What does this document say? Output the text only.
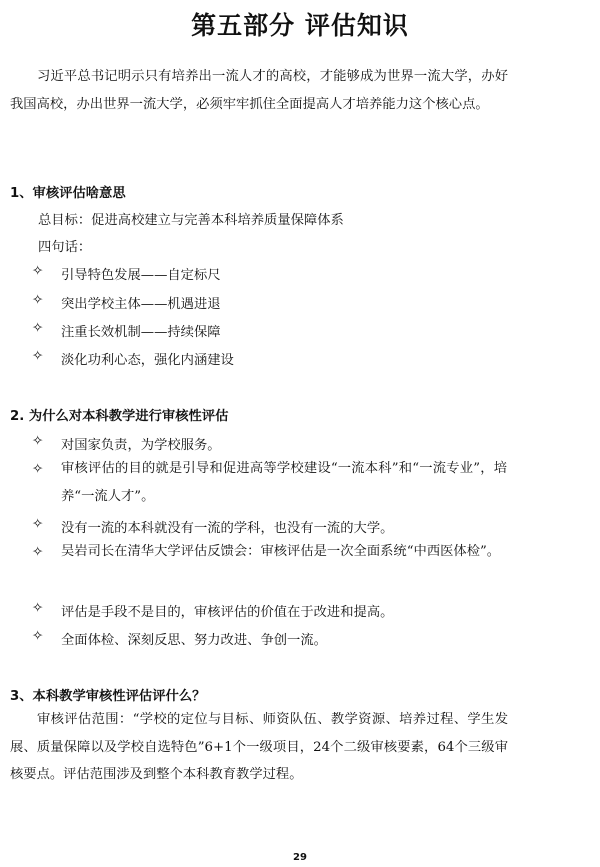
第五部分 评估知识
习近平总书记明示只有培养出一流人才的高校，才能够成为世界一流大学，办好我国高校，办出世界一流大学，必须牢牢抓住全面提高人才培养能力这个核心点。
1、审核评估啥意思
总目标：促进高校建立与完善本科培养质量保障体系
四句话：
✧ 引导特色发展——自定标尺
✧ 突出学校主体——机遇进退
✧ 注重长效机制——持续保障
✧ 淡化功利心态，强化内涵建设
2. 为什么对本科教学进行审核性评估
✧ 对国家负责，为学校服务。
✧ 审核评估的目的就是引导和促进高等学校建设“一流本科”和“一流专业”，培养“一流人才”。
✧ 没有一流的本科就没有一流的学科，也没有一流的大学。
✧ 吴岩司长在清华大学评估反馈会：审核评估是一次全面系统“中西医体检”。
✧ 评估是手段不是目的，审核评估的价值在于改进和提高。
✧ 全面体检、深刻反思、努力改进、争创一流。
3、本科教学审核性评估评什么？
审核评估范围：“学校的定位与目标、师资队伍、教学资源、培养过程、学生发展、质量保障以及学校自选特色”6+1个一级项目，24个二级审核要素，64个三级审核要点。评估范围涉及到整个本科教育教学过程。
29
